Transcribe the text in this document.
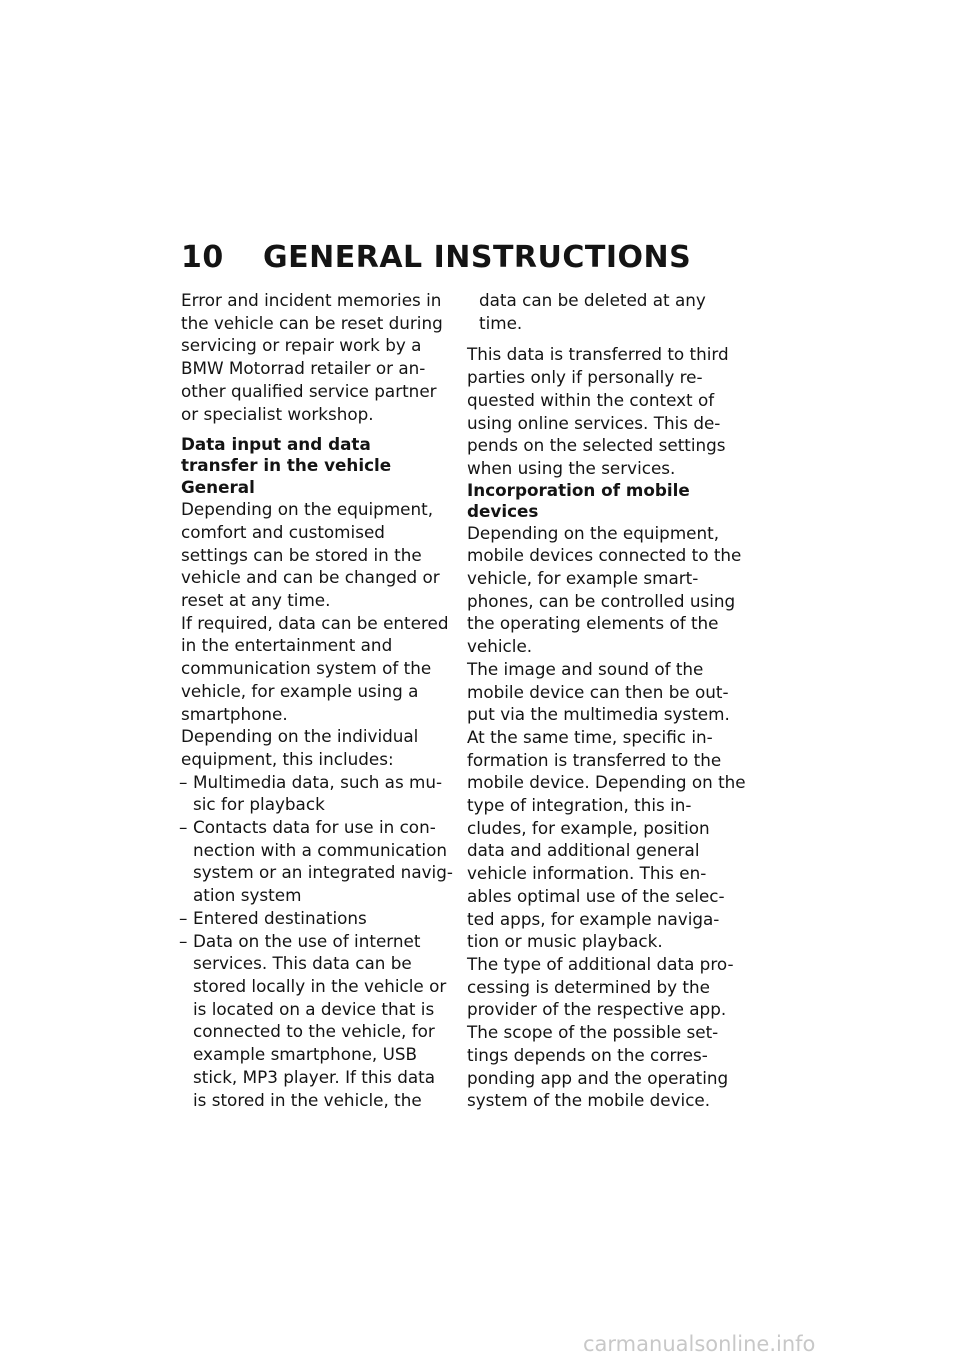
10 GENERAL INSTRUCTIONS

Error and incident memories in the vehicle can be reset during servicing or repair work by a BMW Motorrad retailer or an-other qualified service partner or specialist workshop.

Data input and data transfer in the vehicle
General

Depending on the equipment, comfort and customised settings can be stored in the vehicle and can be changed or reset at any time.

If required, data can be entered in the entertainment and communication system of the vehicle, for example using a smartphone.

Depending on the individual equipment, this includes:

– Multimedia data, such as mu-sic for playback
– Contacts data for use in con-nection with a communication system or an integrated navig-ation system
– Entered destinations
– Data on the use of internet services. This data can be stored locally in the vehicle or is located on a device that is connected to the vehicle, for example smartphone, USB stick, MP3 player. If this data is stored in the vehicle, the

data can be deleted at any time.

This data is transferred to third parties only if personally re-quested within the context of using online services. This de-pends on the selected settings when using the services.

Incorporation of mobile devices

Depending on the equipment, mobile devices connected to the vehicle, for example smart-phones, can be controlled using the operating elements of the vehicle.

The image and sound of the mobile device can then be out-put via the multimedia system. At the same time, specific in-formation is transferred to the mobile device. Depending on the type of integration, this in-cludes, for example, position data and additional general vehicle information. This en-ables optimal use of the selec-ted apps, for example naviga-tion or music playback.

The type of additional data pro-cessing is determined by the provider of the respective app. The scope of the possible set-tings depends on the corres-ponding app and the operating system of the mobile device.

carmanualsonline.info
